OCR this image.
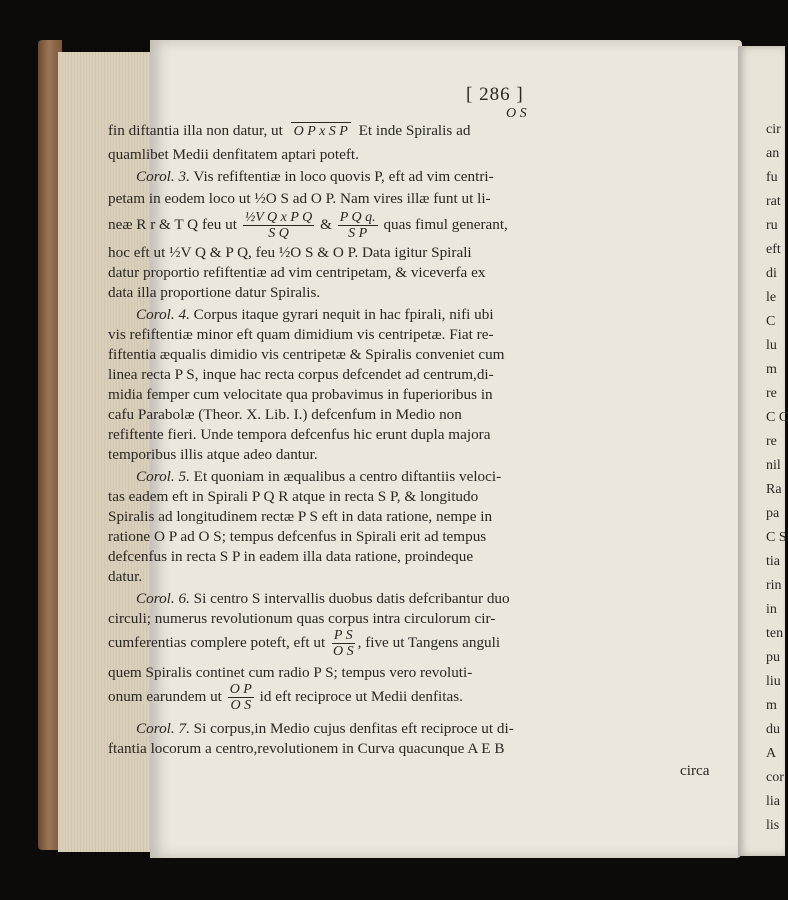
cir
an
fu
rat
ru
eft
di
le
C
lu
m
re
C C
re
nil
Ra
pa
C S
tia
rin
in
ten
pu
liu
m
du
A
cor
lia
lis
[ 286 ]
O S
fin diftantia illa non datur, ut O P x S P Et inde Spiralis ad
quamlibet Medii denfitatem aptari poteft.
Corol. 3. Vis refiftentiæ in loco quovis P, eft ad vim centri-
petam in eodem loco ut ½O S ad O P. Nam vires illæ funt ut li-
neæ R r & T Q feu ut $\frac{\text{½V Q x P Q}}{\text{S Q}}$ & $\frac{\text{P Q q.}}{\text{S P}}$ quas fimul generant,
hoc eft ut ½V Q & P Q, feu ½O S & O P. Data igitur Spirali
datur proportio refiftentiæ ad vim centripetam, & viceverfa ex
data illa proportione datur Spiralis.
Corol. 4. Corpus itaque gyrari nequit in hac fpirali, nifi ubi
vis refiftentiæ minor eft quam dimidium vis centripetæ. Fiat re-
fiftentia æqualis dimidio vis centripetæ & Spiralis conveniet cum
linea recta P S, inque hac recta corpus defcendet ad centrum,di-
midia femper cum velocitate qua probavimus in fuperioribus in
cafu Parabolæ (Theor. X. Lib. I.) defcenfum in Medio non
refiftente fieri. Unde tempora defcenfus hic erunt dupla majora
temporibus illis atque adeo dantur.
Corol. 5. Et quoniam in æqualibus a centro diftantiis veloci-
tas eadem eft in Spirali P Q R atque in recta S P, & longitudo
Spiralis ad longitudinem rectæ P S eft in data ratione, nempe in
ratione O P ad O S; tempus defcenfus in Spirali erit ad tempus
defcenfus in recta S P in eadem illa data ratione, proindeque
datur.
Corol. 6. Si centro S intervallis duobus datis defcribantur duo
circuli; numerus revolutionum quas corpus intra circulorum cir-
cumferentias complere poteft, eft ut $\frac{\text{P S}}{\text{O S}}$ , five ut Tangens anguli
quem Spiralis continet cum radio P S; tempus vero revoluti-
onum earundem ut $\frac{\text{O P}}{\text{O S}}$ id eft reciproce ut Medii denfitas.
Corol. 7. Si corpus,in Medio cujus denfitas eft reciproce ut di-
ftantia locorum a centro,revolutionem in Curva quacunque A E B
circa
